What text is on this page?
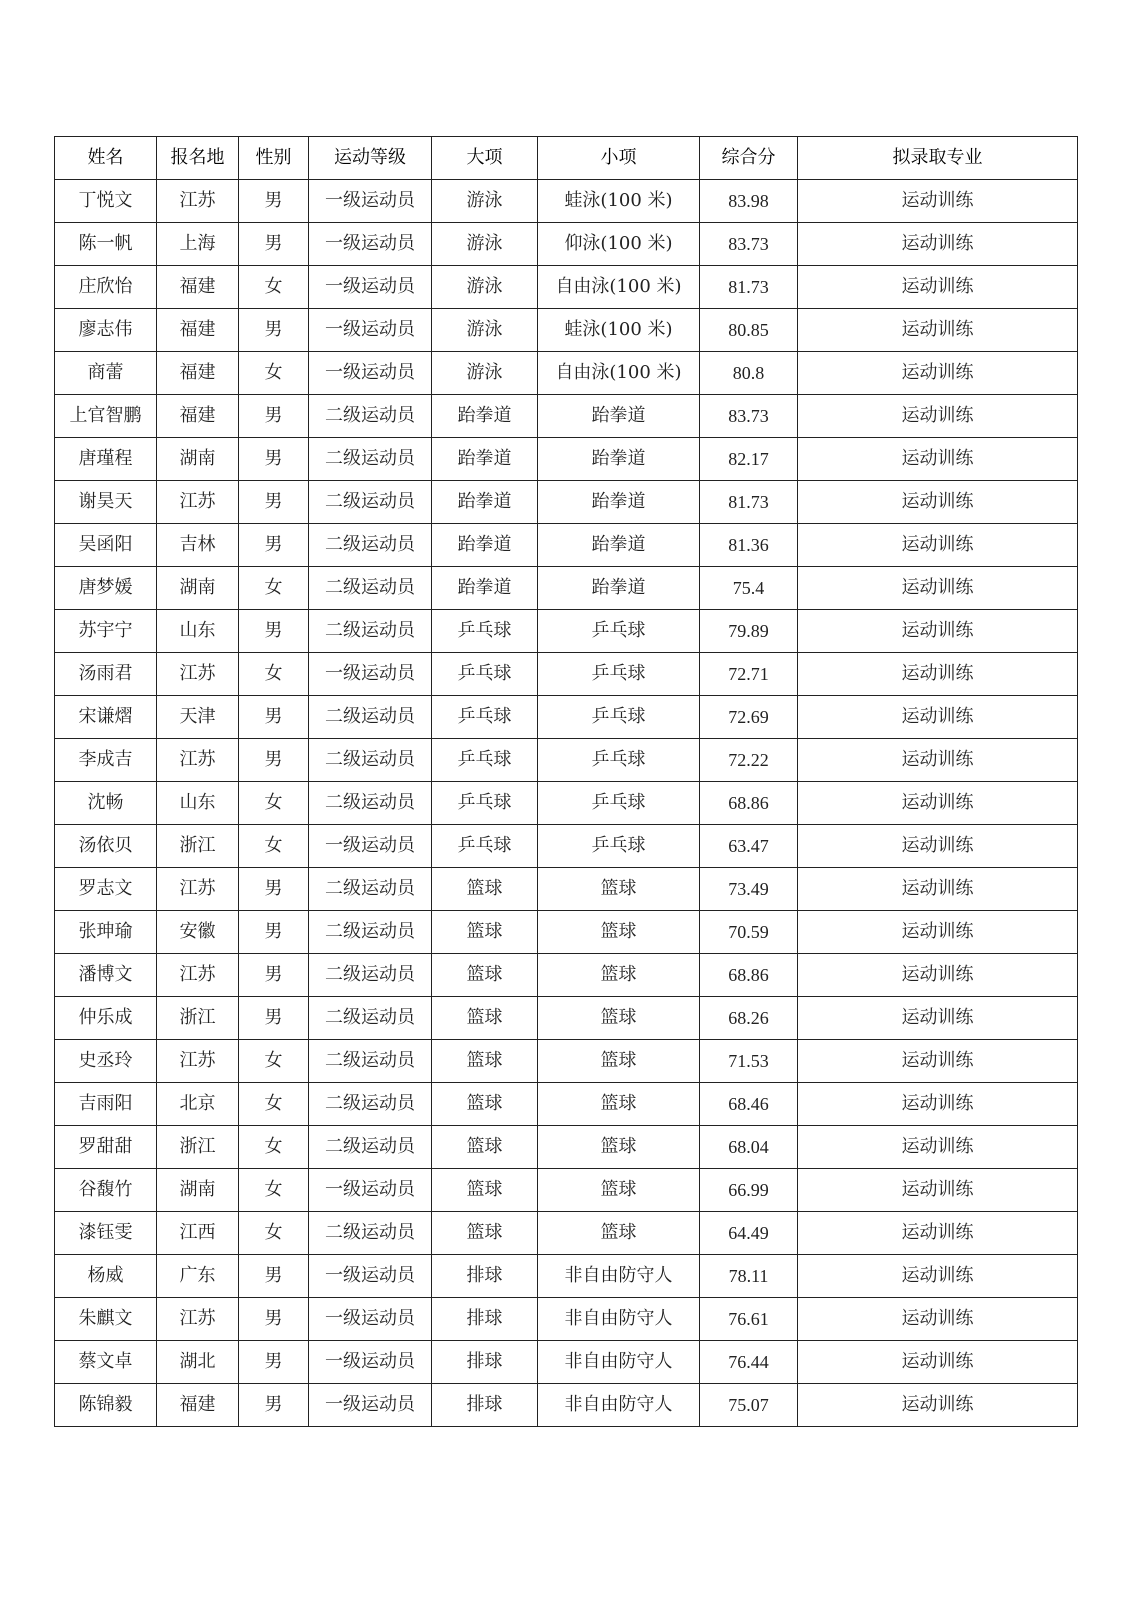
姓名	报名地	性别	运动等级	大项	小项	综合分	拟录取专业
丁悦文	江苏	男	一级运动员	游泳	蛙泳(100 米)	83.98	运动训练
陈一帆	上海	男	一级运动员	游泳	仰泳(100 米)	83.73	运动训练
庄欣怡	福建	女	一级运动员	游泳	自由泳(100 米)	81.73	运动训练
廖志伟	福建	男	一级运动员	游泳	蛙泳(100 米)	80.85	运动训练
商蕾	福建	女	一级运动员	游泳	自由泳(100 米)	80.8	运动训练
上官智鹏	福建	男	二级运动员	跆拳道	跆拳道	83.73	运动训练
唐瑾程	湖南	男	二级运动员	跆拳道	跆拳道	82.17	运动训练
谢昊天	江苏	男	二级运动员	跆拳道	跆拳道	81.73	运动训练
吴函阳	吉林	男	二级运动员	跆拳道	跆拳道	81.36	运动训练
唐梦媛	湖南	女	二级运动员	跆拳道	跆拳道	75.4	运动训练
苏宇宁	山东	男	二级运动员	乒乓球	乒乓球	79.89	运动训练
汤雨君	江苏	女	一级运动员	乒乓球	乒乓球	72.71	运动训练
宋谦熠	天津	男	二级运动员	乒乓球	乒乓球	72.69	运动训练
李成吉	江苏	男	二级运动员	乒乓球	乒乓球	72.22	运动训练
沈畅	山东	女	二级运动员	乒乓球	乒乓球	68.86	运动训练
汤依贝	浙江	女	一级运动员	乒乓球	乒乓球	63.47	运动训练
罗志文	江苏	男	二级运动员	篮球	篮球	73.49	运动训练
张珅瑜	安徽	男	二级运动员	篮球	篮球	70.59	运动训练
潘博文	江苏	男	二级运动员	篮球	篮球	68.86	运动训练
仲乐成	浙江	男	二级运动员	篮球	篮球	68.26	运动训练
史丞玲	江苏	女	二级运动员	篮球	篮球	71.53	运动训练
吉雨阳	北京	女	二级运动员	篮球	篮球	68.46	运动训练
罗甜甜	浙江	女	二级运动员	篮球	篮球	68.04	运动训练
谷馥竹	湖南	女	一级运动员	篮球	篮球	66.99	运动训练
漆钰雯	江西	女	二级运动员	篮球	篮球	64.49	运动训练
杨威	广东	男	一级运动员	排球	非自由防守人	78.11	运动训练
朱麒文	江苏	男	一级运动员	排球	非自由防守人	76.61	运动训练
蔡文卓	湖北	男	一级运动员	排球	非自由防守人	76.44	运动训练
陈锦毅	福建	男	一级运动员	排球	非自由防守人	75.07	运动训练
